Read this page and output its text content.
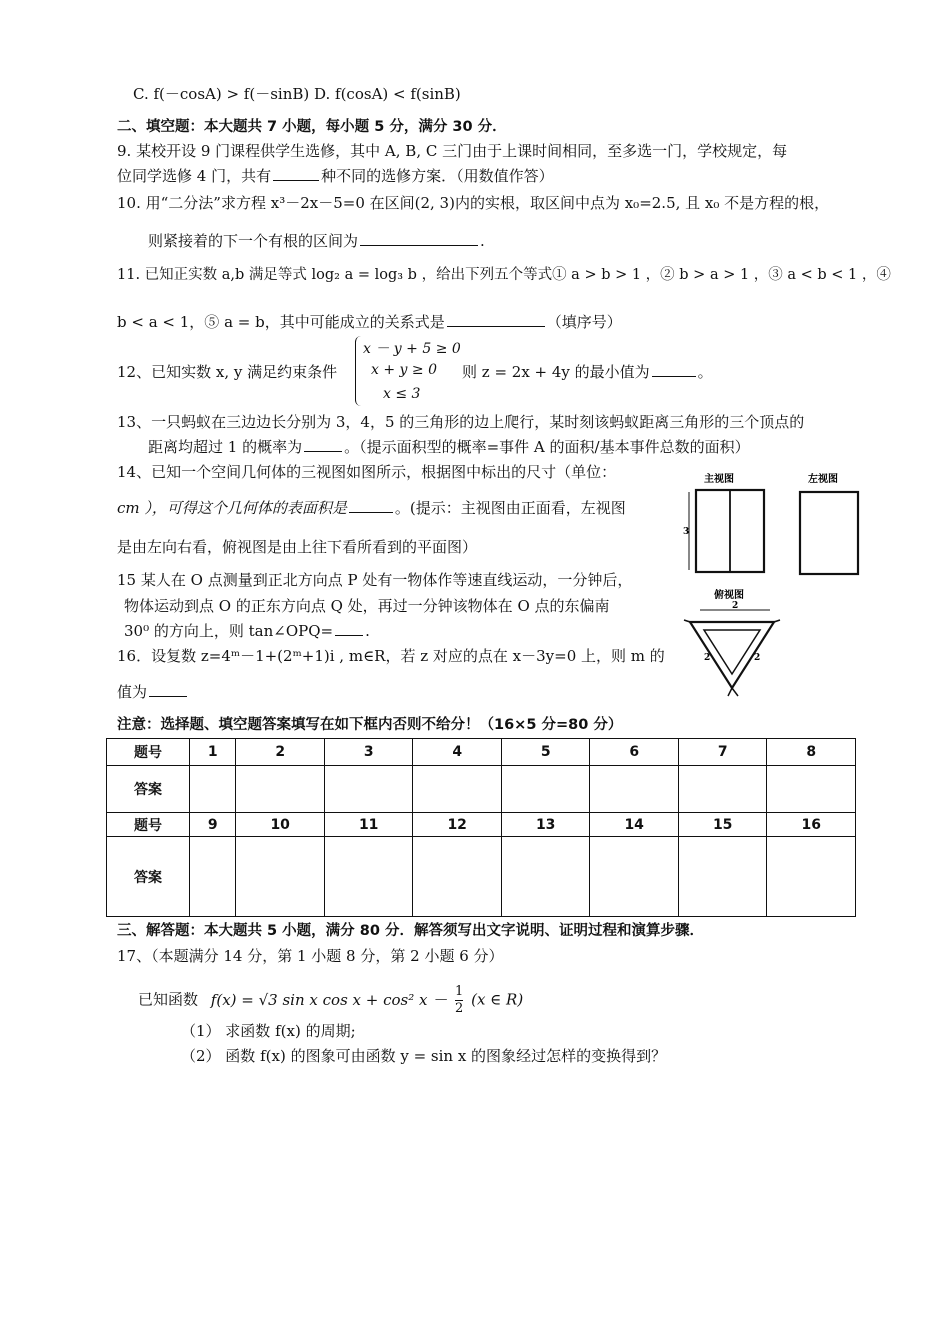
C. f(－cosA) > f(－sinB) D. f(cosA) < f(sinB)
二、填空题：本大题共 7 小题，每小题 5 分，满分 30 分．
9. 某校开设 9 门课程供学生选修，其中 A, B, C 三门由于上课时间相同，至多选一门，学校规定，每
位同学选修 4 门，共有	种不同的选修方案．（用数值作答）
10. 用“二分法”求方程 x³－2x－5=0 在区间(2, 3)内的实根，取区间中点为 x₀=2.5, 且 x₀ 不是方程的根，
则紧接着的下一个有根的区间为	.
11. 已知正实数 a,b 满足等式 log₂ a = log₃ b ，给出下列五个等式① a > b > 1 ，② b > a > 1 ，③ a < b < 1 ，④
b < a < 1，⑤ a = b，其中可能成立的关系式是	（填序号）
12、已知实数 x, y 满足约束条件
x － y + 5 ≥ 0
x + y ≥ 0
x ≤ 3
则 z = 2x + 4y 的最小值为	。
13、一只蚂蚁在三边边长分别为 3，4，5 的三角形的边上爬行，某时刻该蚂蚁距离三角形的三个顶点的
距离均超过 1 的概率为	。（提示面积型的概率=事件 A 的面积/基本事件总数的面积）
14、已知一个空间几何体的三视图如图所示，根据图中标出的尺寸（单位：
cm ），可得这个几何体的表面积是	。(提示：主视图由正面看，左视图
是由左向右看，俯视图是由上往下看所看到的平面图）
15 某人在 O 点测量到正北方向点 P 处有一物体作等速直线运动，一分钟后，
物体运动到点 O 的正东方向点 Q 处，再过一分钟该物体在 O 点的东偏南
30⁰ 的方向上，则 tan∠OPQ= .
16．设复数 z=4ᵐ－1+(2ᵐ+1)i , m∈R，若 z 对应的点在 x－3y=0 上，则 m 的
值为
主视图
3
左视图
俯视图
2
2	2
注意：选择题、填空题答案填写在如下框内否则不给分！（16×5 分=80 分）
题号	1	2	3	4	5	6	7	8
答案								
题号	9	10	11	12	13	14	15	16
答案								
三、解答题：本大题共 5 小题，满分 80 分．解答须写出文字说明、证明过程和演算步骤．
17、（本题满分 14 分，第 1 小题 8 分，第 2 小题 6 分）
已知函数 f(x) = √3 sin x cos x + cos² $x - \frac{1}{2} (x$ ∈ R)
（1） 求函数 f(x) 的周期;
（2） 函数 f(x) 的图象可由函数 y = sin x 的图象经过怎样的变换得到？
